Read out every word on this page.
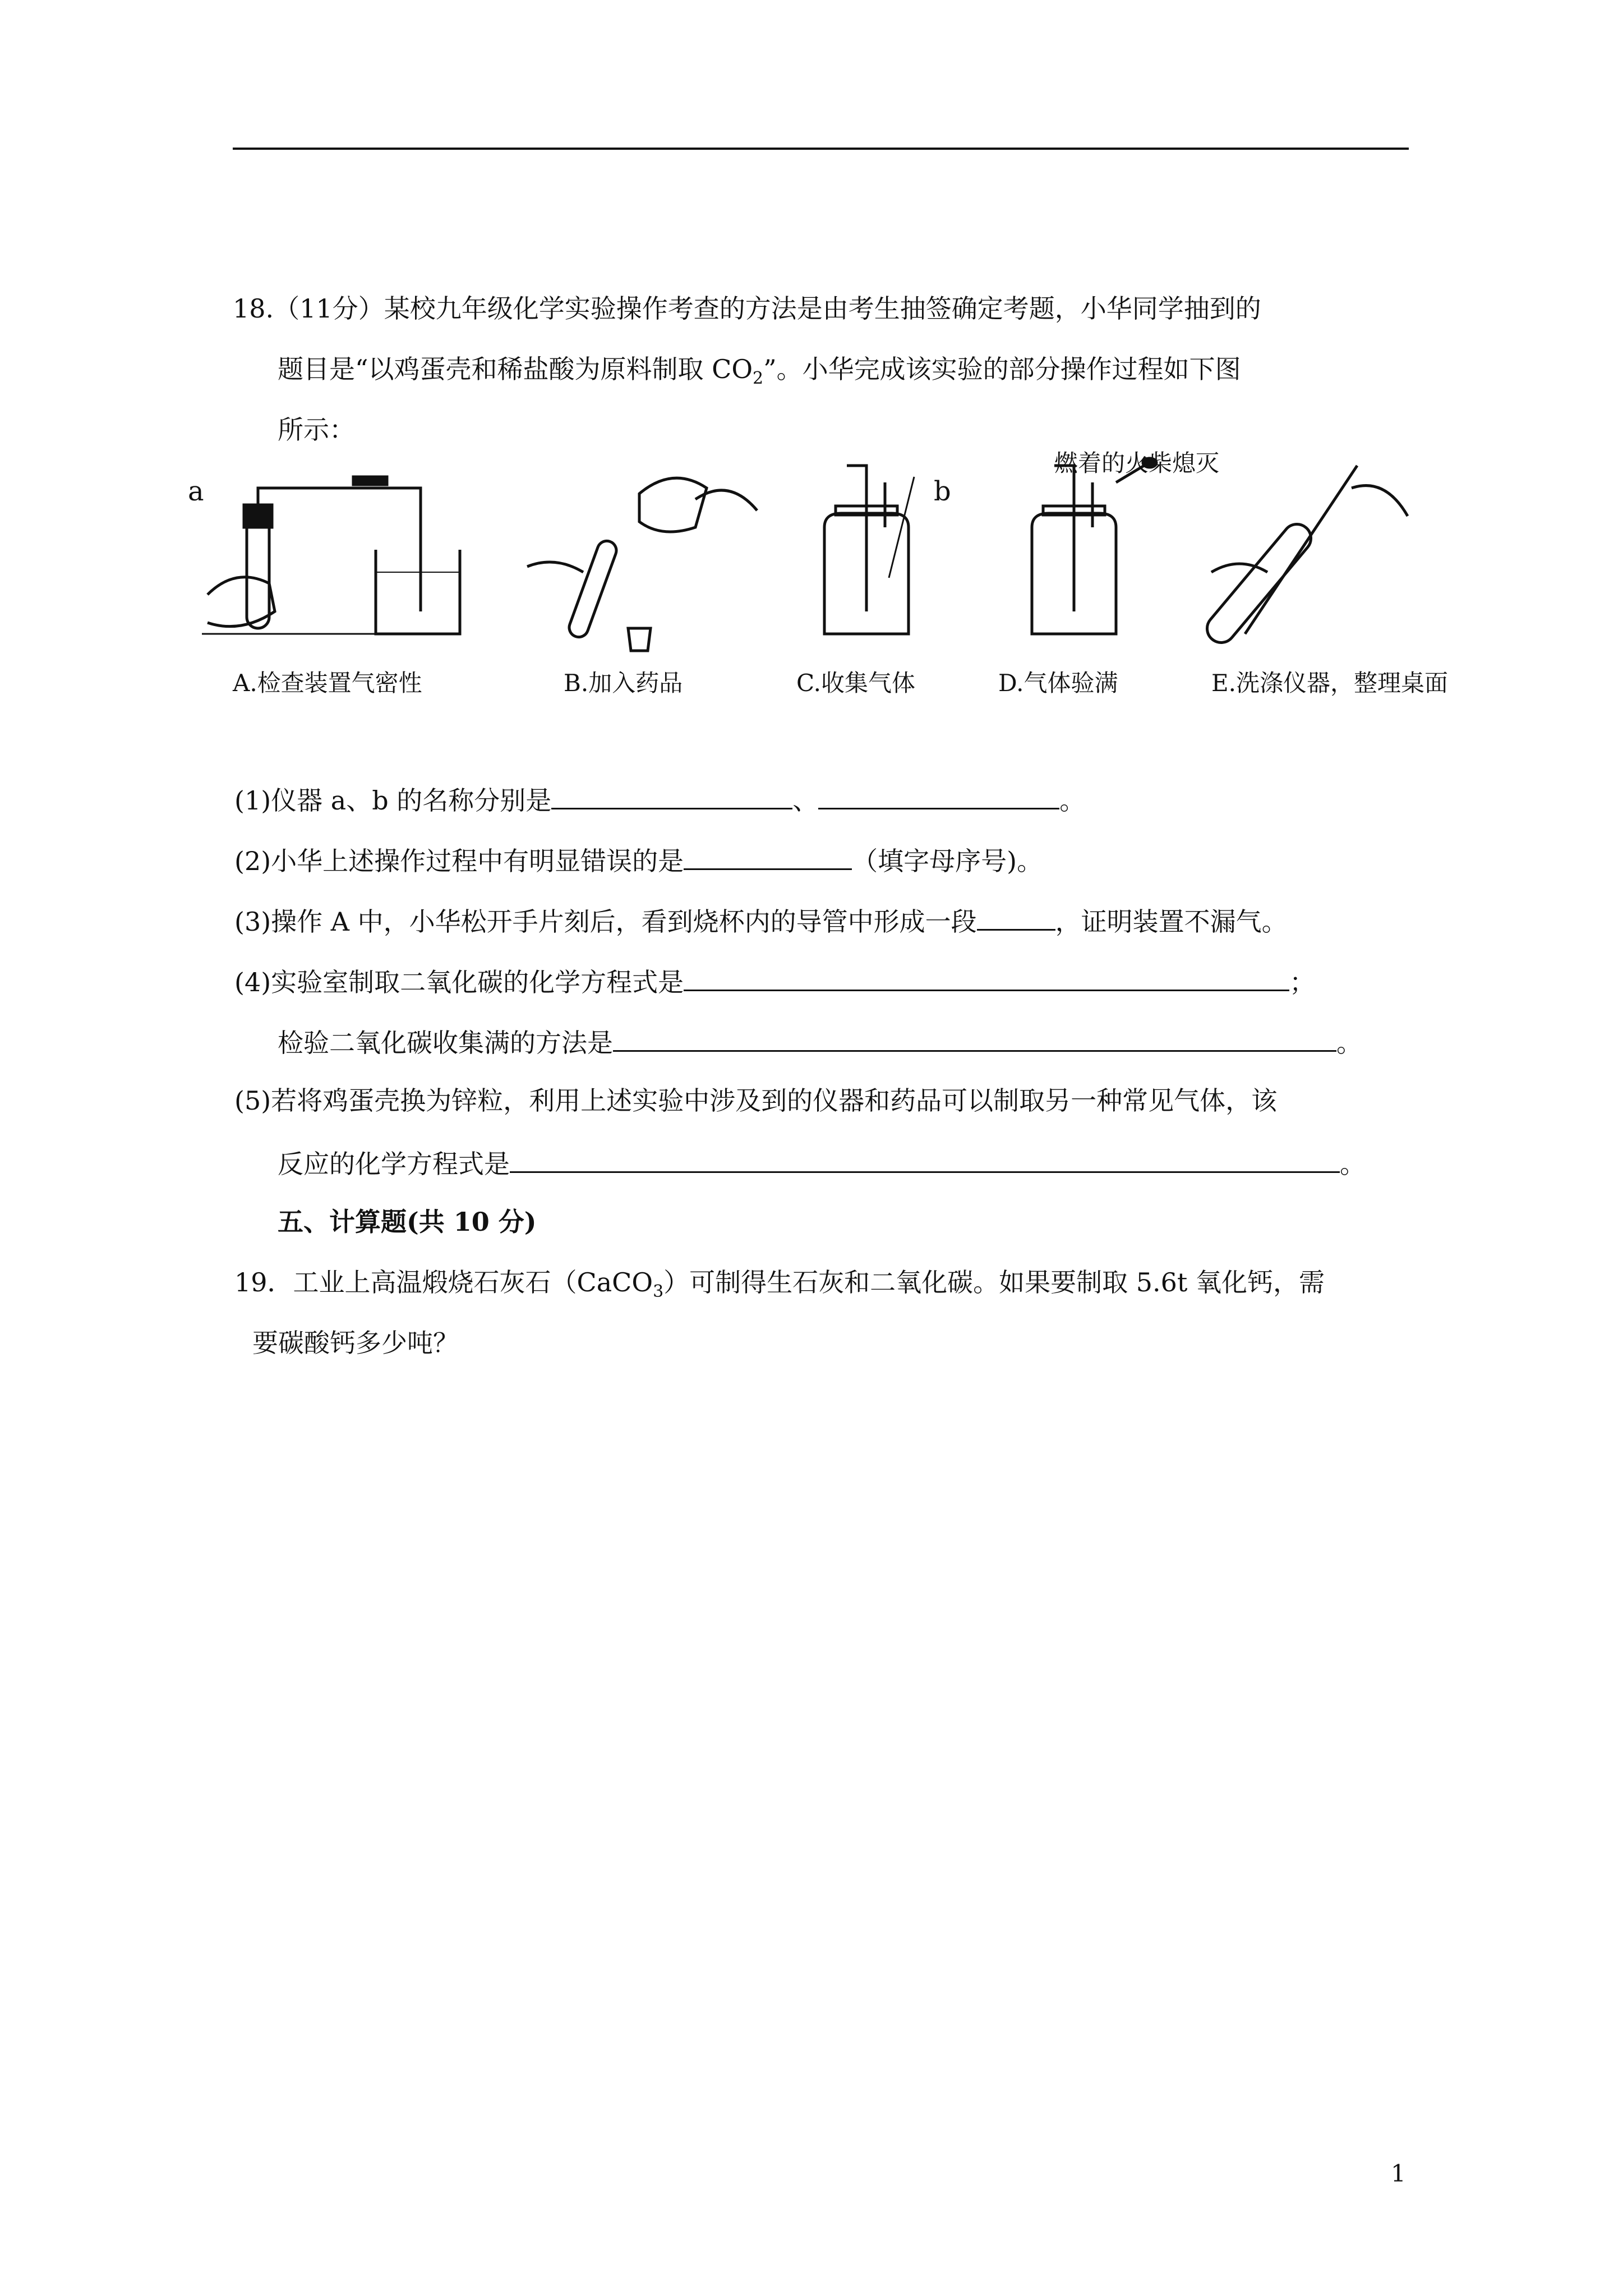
18.（11分）某校九年级化学实验操作考查的方法是由考生抽签确定考题，小华同学抽到的
题目是“以鸡蛋壳和稀盐酸为原料制取 $CO_2$”。小华完成该实验的部分操作过程如下图
所示：
a	b
燃着的火柴熄灭
A.检查装置气密性	B.加入药品	C.收集气体	D.气体验满	E.洗涤仪器，整理桌面
(1)仪器 a、b 的名称分别是	、	。
(2)小华上述操作过程中有明显错误的是	（填字母序号)。
(3)操作 A 中，小华松开手片刻后，看到烧杯内的导管中形成一段	，证明装置不漏气。
(4)实验室制取二氧化碳的化学方程式是	；
检验二氧化碳收集满的方法是	。
(5)若将鸡蛋壳换为锌粒，利用上述实验中涉及到的仪器和药品可以制取另一种常见气体，该
反应的化学方程式是	。
五、计算题(共 10 分)
19．工业上高温煅烧石灰石（CaCO$_3$）可制得生石灰和二氧化碳。如果要制取 5.6t 氧化钙，需
要碳酸钙多少吨？
1
